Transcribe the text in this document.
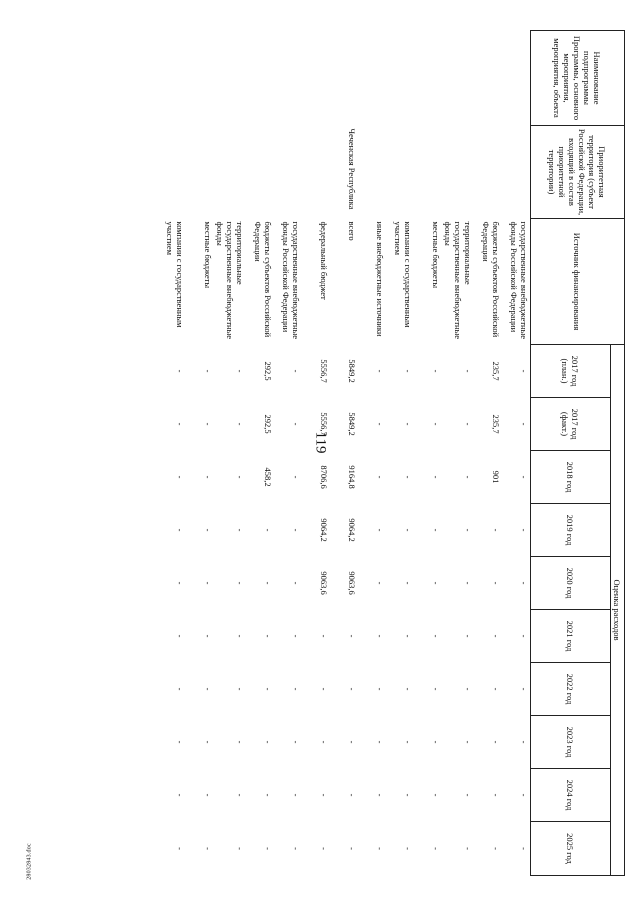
119
Наименование подпрограммы Программы, основного мероприятия, мероприятия, объекта	Приоритетная территория (субъект Российской Федерации, входящий в состав приоритетной территории)	Источник финансирования	Оценка расходов									
			2017 год (план.)	2017 год (факт.)	2018 год	2019 год	2020 год	2021 год	2022 год	2023 год	2024 год	2025 год
		государственные внебюджетные фонды Российской Федерации	-	-	-	-	-	-	-	-	-	-
		бюджеты субъектов Российской Федерации	235,7	235,7	901	-	-	-	-	-	-	-
		территориальные государственные внебюджетные фонды	-	-	-	-	-	-	-	-	-	-
		местные бюджеты	-	-	-	-	-	-	-	-	-	-
		компании с государственным участием	-	-	-	-	-	-	-	-	-	-
		иные внебюджетные источники	-	-	-	-	-	-	-	-	-	-
	Чеченская Республика	всего	5849,2	5849,2	9164,8	9064,2	9063,6	-	-	-	-	-
		федеральный бюджет	5556,7	5556,7	8706,6	9064,2	9063,6	-	-	-	-	-
		государственные внебюджетные фонды Российской Федерации	-	-	-	-	-	-	-	-	-	-
		бюджеты субъектов Российской Федерации	292,5	292,5	458,2	-	-	-	-	-	-	-
		территориальные государственные внебюджетные фонды	-	-	-	-	-	-	-	-	-	-
		местные бюджеты	-	-	-	-	-	-	-	-	-	-
		компании с государственным участием	-	-	-	-	-	-	-	-	-	-
28032843.doc
